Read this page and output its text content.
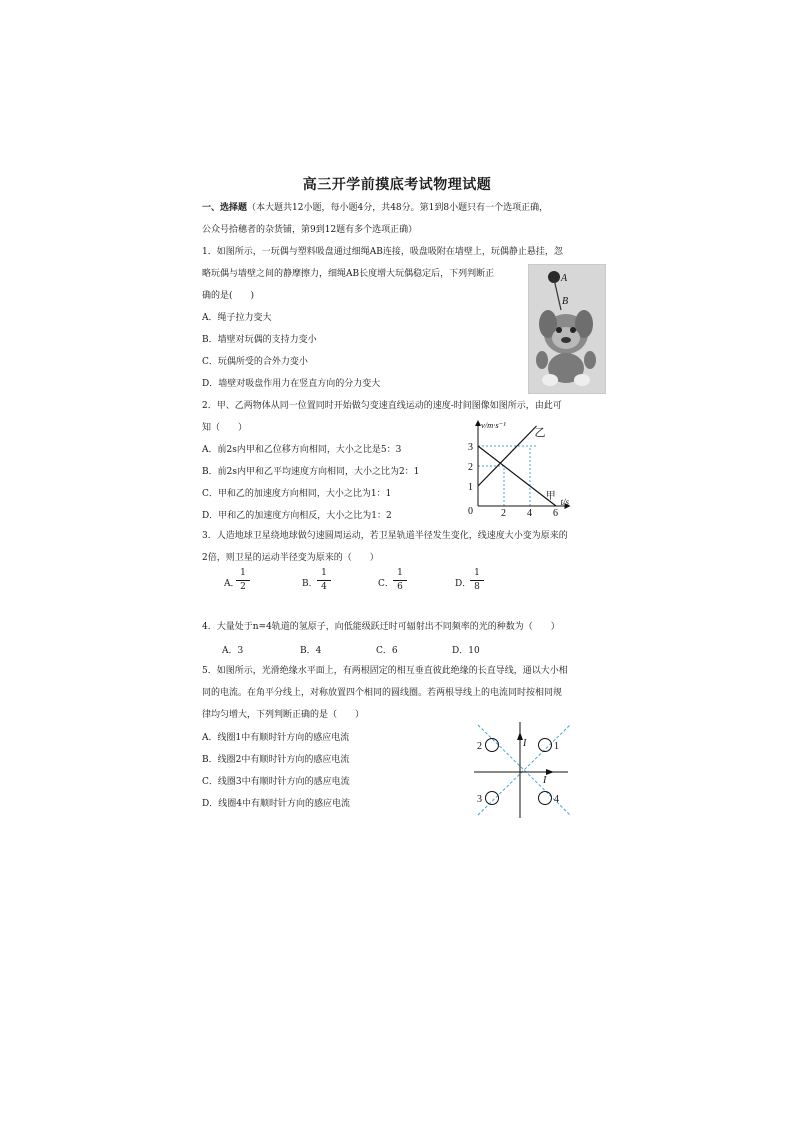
高三开学前摸底考试物理试题
一、选择题（本大题共12小题，每小题4分，共48分。第1到8小题只有一个选项正确，
公众号拾穗者的杂货铺，第9到12题有多个选项正确）
1．如图所示，一玩偶与塑料吸盘通过细绳AB连接，吸盘吸附在墙壁上，玩偶静止悬挂，忽
略玩偶与墙壁之间的静摩擦力，细绳AB长度增大玩偶稳定后，下列判断正
确的是(　　)
A．绳子拉力变大
B．墙壁对玩偶的支持力变小
C．玩偶所受的合外力变小
D．墙壁对吸盘作用力在竖直方向的分力变大
A
B
2．甲、乙两物体从同一位置同时开始做匀变速直线运动的速度-时间图像如图所示，由此可
知（　　）
A．前2s内甲和乙位移方向相同，大小之比是5：3
B．前2s内甲和乙平均速度方向相同，大小之比为2：1
C．甲和乙的加速度方向相同，大小之比为1：1
D．甲和乙的加速度方向相反，大小之比为1：2
乙
甲
2 4 6
1
2
3
0
v/m·s⁻¹
t/s
3．人造地球卫星绕地球做匀速圆周运动，若卫星轨道半径发生变化，线速度大小变为原来的
2倍，则卫星的运动半径变为原来的（　　）
A．
1
2	B．
1
4	C．
1
6	D．
1
8
4．大量处于n=4轨道的氢原子，向低能级跃迁时可辐射出不同频率的光的种数为（　　）
A．3	B．4	C．6	D．10
5．如图所示，光滑绝缘水平面上，有两根固定的相互垂直彼此绝缘的长直导线，通以大小相
同的电流。在角平分线上，对称放置四个相同的圆线圈。若两根导线上的电流同时按相同规
律均匀增大，下列判断正确的是（　　）
A．线圈1中有顺时针方向的感应电流
B．线圈2中有顺时针方向的感应电流
C．线圈3中有顺时针方向的感应电流
D．线圈4中有顺时针方向的感应电流
I
I
1
2
3	4
